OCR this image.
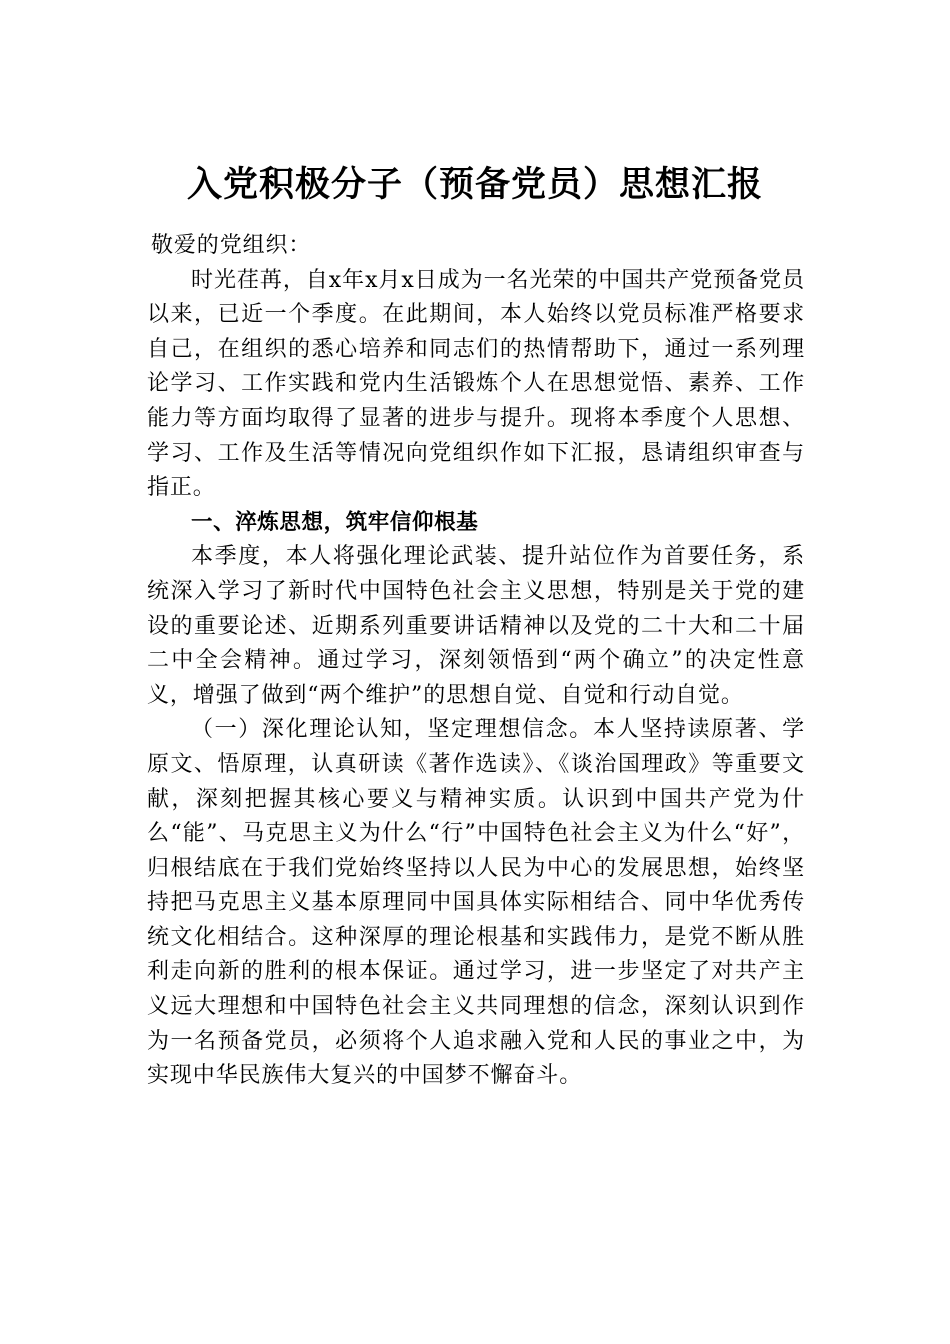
入党积极分子（预备党员）思想汇报

敬爱的党组织：

时光荏苒，自x年x月x日成为一名光荣的中国共产党预备党员以来，已近一个季度。在此期间，本人始终以党员标准严格要求自己，在组织的悉心培养和同志们的热情帮助下，通过一系列理论学习、工作实践和党内生活锻炼个人在思想觉悟、素养、工作能力等方面均取得了显著的进步与提升。现将本季度个人思想、学习、工作及生活等情况向党组织作如下汇报，恳请组织审查与指正。

一、淬炼思想，筑牢信仰根基

本季度，本人将强化理论武装、提升站位作为首要任务，系统深入学习了新时代中国特色社会主义思想，特别是关于党的建设的重要论述、近期系列重要讲话精神以及党的二十大和二十届二中全会精神。通过学习，深刻领悟到“两个确立”的决定性意义，增强了做到“两个维护”的思想自觉、自觉和行动自觉。

（一）深化理论认知，坚定理想信念。本人坚持读原著、学原文、悟原理，认真研读《著作选读》、《谈治国理政》等重要文献，深刻把握其核心要义与精神实质。认识到中国共产党为什么“能”、马克思主义为什么“行”中国特色社会主义为什么“好”，归根结底在于我们党始终坚持以人民为中心的发展思想，始终坚持把马克思主义基本原理同中国具体实际相结合、同中华优秀传统文化相结合。这种深厚的理论根基和实践伟力，是党不断从胜利走向新的胜利的根本保证。通过学习，进一步坚定了对共产主义远大理想和中国特色社会主义共同理想的信念，深刻认识到作为一名预备党员，必须将个人追求融入党和人民的事业之中，为实现中华民族伟大复兴的中国梦不懈奋斗。
